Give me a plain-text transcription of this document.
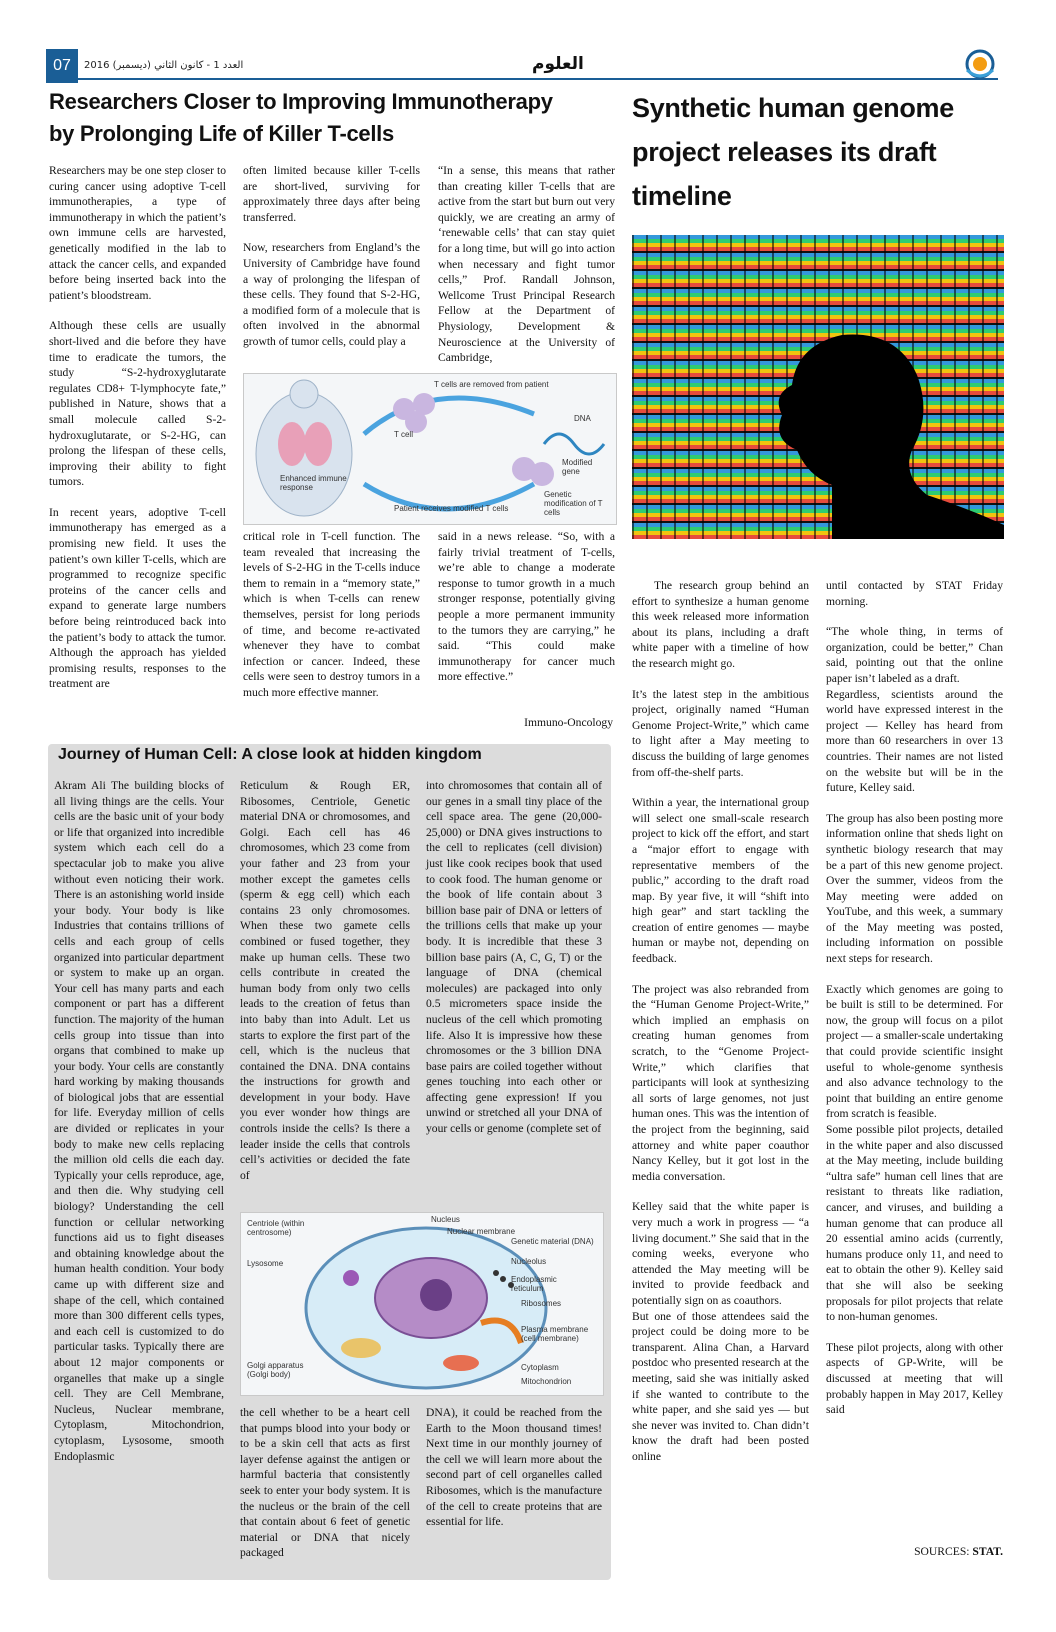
07	العدد 1 - كانون الثاني (ديسمبر) 2016	العلوم
Researchers Closer to Improving Immunotherapy
by Prolonging Life of Killer T-cells

Researchers may be one step closer to curing cancer using adoptive T-cell immunotherapies, a type of immunotherapy in which the patient’s own immune cells are harvested, genetically modified in the lab to attack the cancer cells, and expanded before being inserted back into the patient’s bloodstream.

Although these cells are usually short-lived and die before they have time to eradicate the tumors, the study “S-2-hydroxyglutarate regulates CD8+ T-lymphocyte fate,” published in Nature, shows that a small molecule called S-2-hydroxuglutarate, or S-2-HG, can prolong the lifespan of these cells, improving their ability to fight tumors.

In recent years, adoptive T-cell immunotherapy has emerged as a promising new field. It uses the patient’s own killer T-cells, which are programmed to recognize specific proteins of the cancer cells and expand to generate large numbers before being reintroduced back into the patient’s body to attack the tumor. Although the approach has yielded promising results, responses to the treatment are

often limited because killer T-cells are short-lived, surviving for approximately three days after being transferred.

Now, researchers from England’s the University of Cambridge have found a way of prolonging the lifespan of these cells. They found that S-2-HG, a modified form of a molecule that is often involved in the abnormal growth of tumor cells, could play a

“In a sense, this means that rather than creating killer T-cells that are active from the start but burn out very quickly, we are creating an army of ‘renewable cells’ that can stay quiet for a long time, but will go into action when necessary and fight tumor cells,” Prof. Randall Johnson, Wellcome Trust Principal Research Fellow at the Department of Physiology, Development & Neuroscience at the University of Cambridge,

T cells are removed from patient
T cell
DNA
Modified gene
Genetic modification of T cells
Patient receives modified T cells
Enhanced immune response

critical role in T-cell function. The team revealed that increasing the levels of S-2-HG in the T-cells induce them to remain in a “memory state,” which is when T-cells can renew themselves, persist for long periods of time, and become re-activated whenever they have to combat infection or cancer. Indeed, these cells were seen to destroy tumors in a much more effective manner.

said in a news release. “So, with a fairly trivial treatment of T-cells, we’re able to change a moderate response to tumor growth in a much stronger response, potentially giving people a more permanent immunity to the tumors they are carrying,” he said. “This could make immunotherapy for cancer much more effective.”

Immuno-Oncology
Journey of Human Cell: A close look at hidden kingdom

Akram Ali The building blocks of all living things are the cells. Your cells are the basic unit of your body or life that organized into incredible system which each cell do a spectacular job to make you alive without even noticing their work. There is an astonishing world inside your body. Your body is like Industries that contains trillions of cells and each group of cells organized into particular department or system to make up an organ. Your cell has many parts and each component or part has a different function. The majority of the human cells group into tissue than into organs that combined to make up your body. Your cells are constantly hard working by making thousands of biological jobs that are essential for life. Everyday million of cells are divided or replicates in your body to make new cells replacing the million old cells die each day. Typically your cells reproduce, age, and then die. Why studying cell biology? Understanding the cell function or cellular networking functions aid us to fight diseases and obtaining knowledge about the human health condition. Your body came up with different size and shape of the cell, which contained more than 300 different cells types, and each cell is customized to do particular tasks. Typically there are about 12 major components or organelles that make up a single cell. They are Cell Membrane, Nucleus, Nuclear membrane, Cytoplasm, Mitochondrion, cytoplasm, Lysosome, smooth Endoplasmic

Reticulum & Rough ER, Ribosomes, Centriole, Genetic material DNA or chromosomes, and Golgi. Each cell has 46 chromosomes, which 23 come from your father and 23 from your mother except the gametes cells (sperm & egg cell) which each contains 23 only chromosomes. When these two gamete cells combined or fused together, they make up human cells. These two cells contribute in created the human body from only two cells leads to the creation of fetus than into baby than into Adult. Let us starts to explore the first part of the cell, which is the nucleus that contained the DNA. DNA contains the instructions for growth and development in your body. Have you ever wonder how things are controls inside the cells? Is there a leader inside the cells that controls cell’s activities or decided the fate of

into chromosomes that contain all of our genes in a small tiny place of the cell space area. The gene (20,000-25,000) or DNA gives instructions to the cell to replicates (cell division) just like cook recipes book that used to cook food. The human genome or the book of life contain about 3 billion base pair of DNA or letters of the trillions cells that make up your body. It is incredible that these 3 billion base pairs (A, C, G, T) or the language of DNA (chemical molecules) are packaged into only 0.5 micrometers space inside the nucleus of the cell which promoting life. Also It is impressive how these chromosomes or the 3 billion DNA base pairs are coiled together without genes touching into each other or affecting gene expression! If you unwind or stretched all your DNA of your cells or genome (complete set of

Centriole (within centrosome)
Lysosome
Golgi apparatus (Golgi body)
Nucleus
Nuclear membrane
Genetic material (DNA)
Nucleolus
Endoplasmic reticulum
Ribosomes
Plasma membrane (cell membrane)
Cytoplasm
Mitochondrion

the cell whether to be a heart cell that pumps blood into your body or to be a skin cell that acts as first layer defense against the antigen or harmful bacteria that consistently seek to enter your body system. It is the nucleus or the brain of the cell that contain about 6 feet of genetic material or DNA that nicely packaged

DNA), it could be reached from the Earth to the Moon thousand times! Next time in our monthly journey of the cell we will learn more about the second part of cell organelles called Ribosomes, which is the manufacture of the cell to create proteins that are essential for life.

Synthetic human genome
project releases its draft
timeline

The research group behind an effort to synthesize a human genome this week released more information about its plans, including a draft white paper with a timeline of how the research might go.

It’s the latest step in the ambitious project, originally named “Human Genome Project-Write,” which came to light after a May meeting to discuss the building of large genomes from off-the-shelf parts.

Within a year, the international group will select one small-scale research project to kick off the effort, and start a “major effort to engage with representative members of the public,” according to the draft road map. By year five, it will “shift into high gear” and start tackling the creation of entire genomes — maybe human or maybe not, depending on feedback.

The project was also rebranded from the “Human Genome Project-Write,” which implied an emphasis on creating human genomes from scratch, to the “Genome Project-Write,” which clarifies that participants will look at synthesizing all sorts of large genomes, not just human ones. This was the intention of the project from the beginning, said attorney and white paper coauthor Nancy Kelley, but it got lost in the media conversation.

Kelley said that the white paper is very much a work in progress — “a living document.” She said that in the coming weeks, everyone who attended the May meeting will be invited to provide feedback and potentially sign on as coauthors.

But one of those attendees said the project could be doing more to be transparent. Alina Chan, a Harvard postdoc who presented research at the meeting, said she was initially asked if she wanted to contribute to the white paper, and she said yes — but she never was invited to. Chan didn’t know the draft had been posted online

until contacted by STAT Friday morning.

“The whole thing, in terms of organization, could be better,” Chan said, pointing out that the online paper isn’t labeled as a draft.

Regardless, scientists around the world have expressed interest in the project — Kelley has heard from more than 60 researchers in over 13 countries. Their names are not listed on the website but will be in the future, Kelley said.

The group has also been posting more information online that sheds light on synthetic biology research that may be a part of this new genome project. Over the summer, videos from the May meeting were added on YouTube, and this week, a summary of the May meeting was posted, including information on possible next steps for research.

Exactly which genomes are going to be built is still to be determined. For now, the group will focus on a pilot project — a smaller-scale undertaking that could provide scientific insight useful to whole-genome synthesis and also advance technology to the point that building an entire genome from scratch is feasible.

Some possible pilot projects, detailed in the white paper and also discussed at the May meeting, include building “ultra safe” human cell lines that are resistant to threats like radiation, cancer, and viruses, and building a human genome that can produce all 20 essential amino acids (currently, humans produce only 11, and need to eat to obtain the other 9). Kelley said that she will also be seeking proposals for pilot projects that relate to non-human genomes.

These pilot projects, along with other aspects of GP-Write, will be discussed at meeting that will probably happen in May 2017, Kelley said

SOURCES: STAT.
